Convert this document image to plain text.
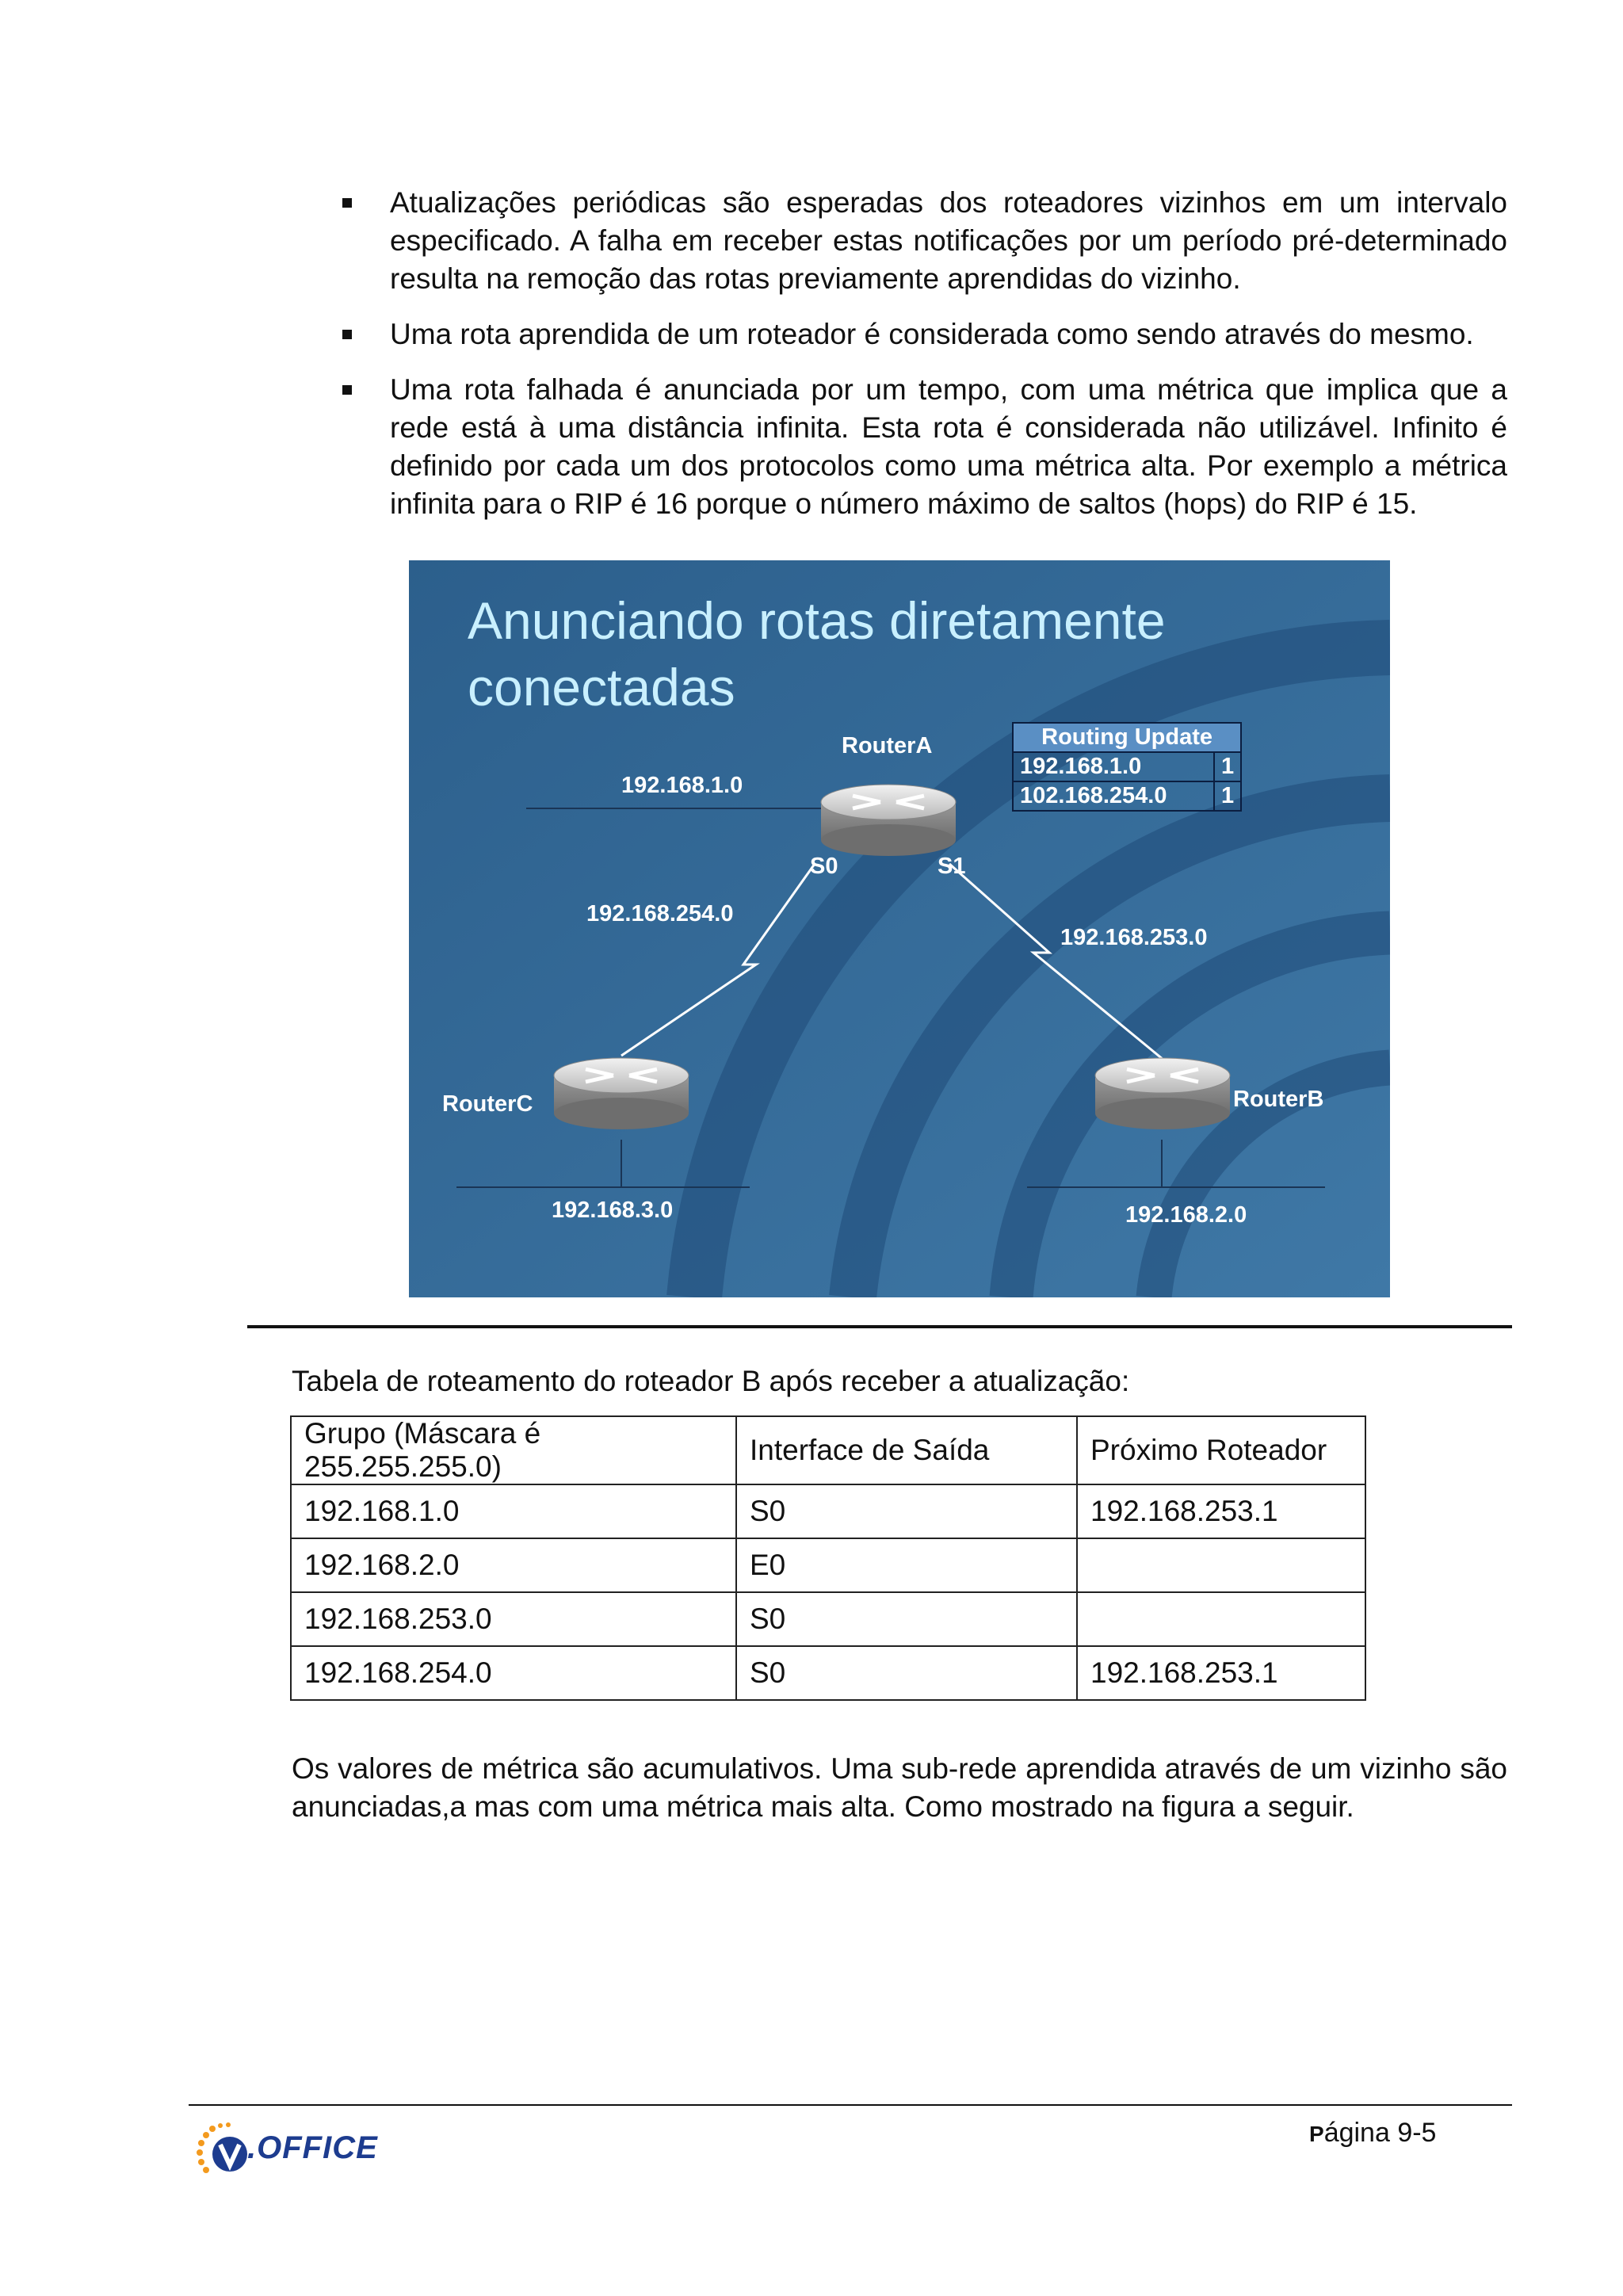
Atualizações periódicas são esperadas dos roteadores vizinhos em um intervalo especificado. A falha em receber estas notificações por um período pré-determinado resulta na remoção das rotas previamente aprendidas do vizinho.
Uma rota aprendida de um roteador é considerada como sendo através do mesmo.
Uma rota falhada é anunciada por um tempo, com uma métrica que implica que a rede está à uma distância infinita. Esta rota é considerada não utilizável. Infinito é definido por cada um dos protocolos como uma métrica alta. Por exemplo a métrica infinita para o RIP é 16 porque o número máximo de saltos (hops) do RIP é 15.
Anunciando rotas diretamente conectadas
RouterA
192.168.1.0
S0	S1
192.168.254.0
192.168.253.0
RouterC	RouterB
192.168.3.0	192.168.2.0
Routing Update	
192.168.1.0	1
102.168.254.0	1
Tabela de roteamento do roteador B após receber a atualização:
Grupo (Máscara é 255.255.255.0)	Interface de Saída	Próximo Roteador
192.168.1.0	S0	192.168.253.1
192.168.2.0	E0	
192.168.253.0	S0	
192.168.254.0	S0	192.168.253.1
Os valores de métrica são acumulativos. Uma sub-rede aprendida através de um vizinho são anunciadas,a mas com uma métrica mais alta. Como mostrado na figura a seguir.
.OFFICE	Página 9-5
